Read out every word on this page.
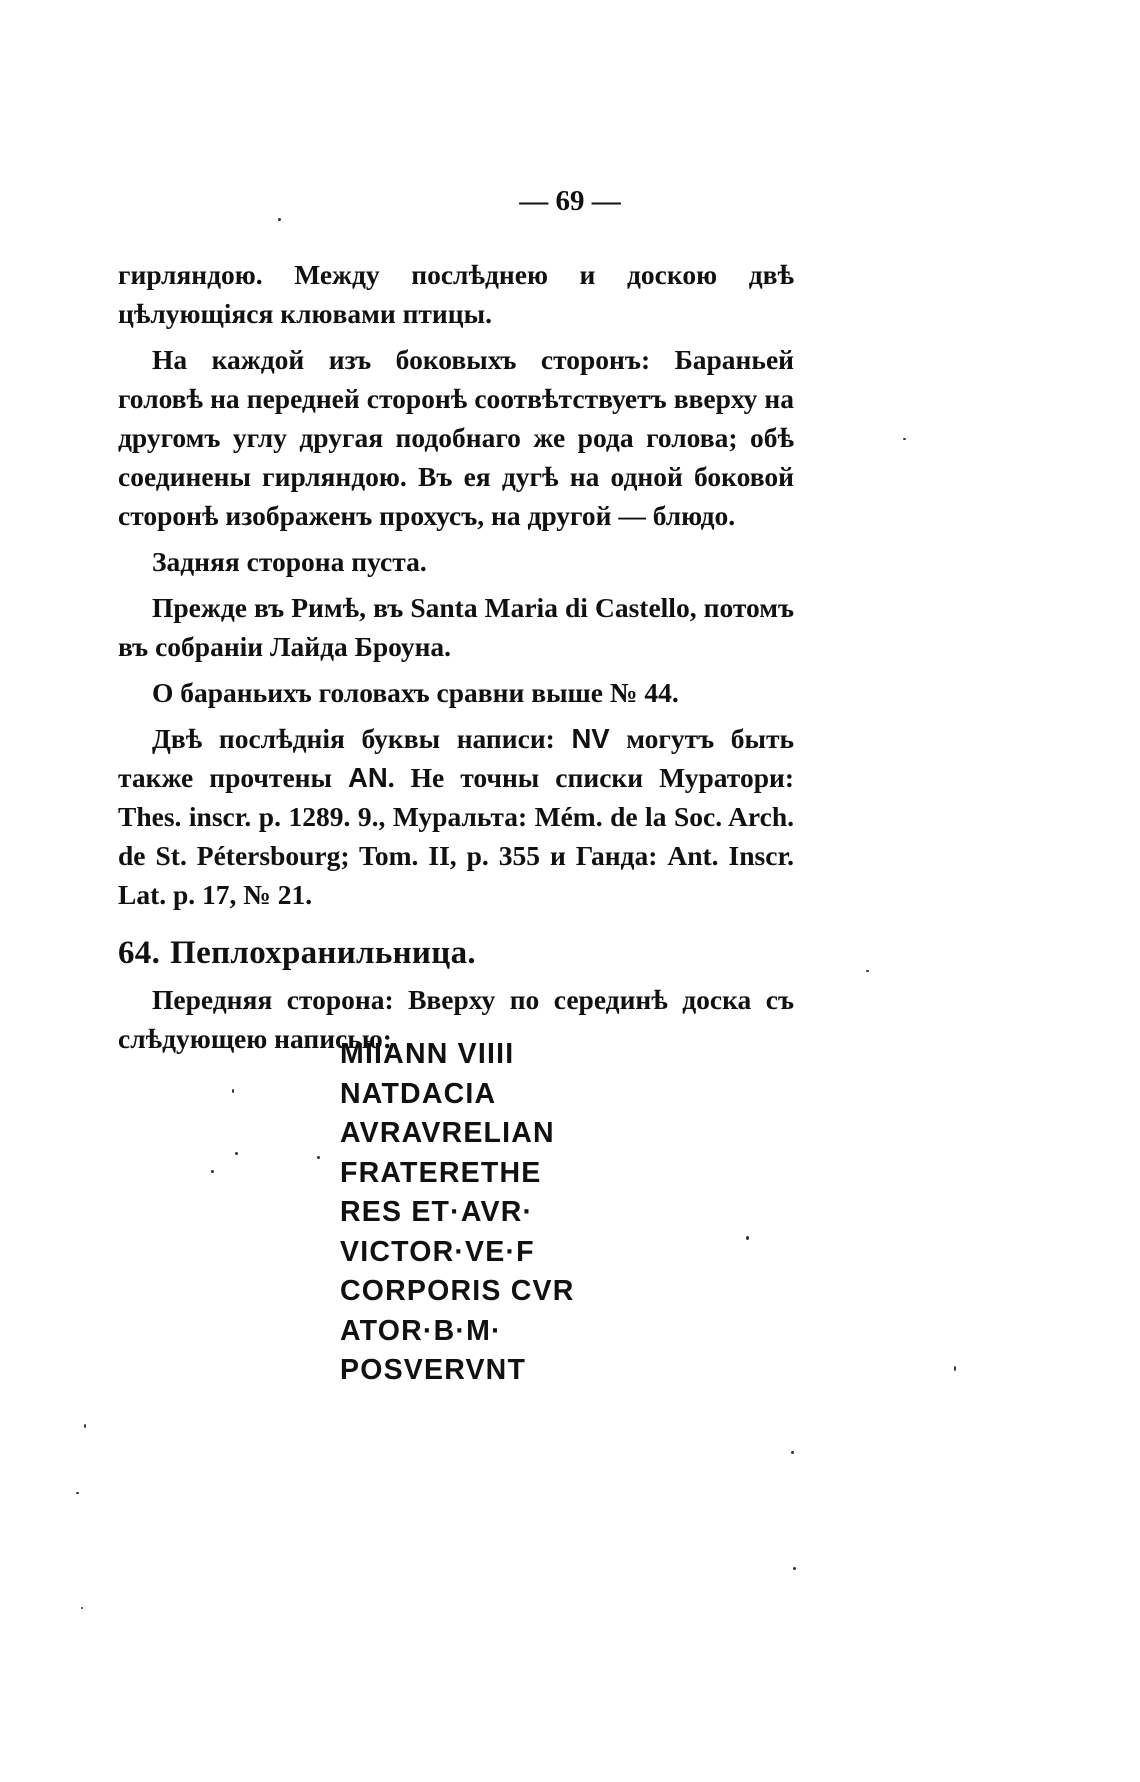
— 69 —

гирляндою. Между послѣднею и доскою двѣ цѣлующіяся клювами птицы.

На каждой изъ боковыхъ сторонъ: Бараньей головѣ на передней сторонѣ соотвѣтствуетъ вверху на другомъ углу другая подобнаго же рода голова; обѣ соединены гирляндою. Въ ея дугѣ на одной боковой сторонѣ изображенъ прохусъ, на другой — блюдо.

Задняя сторона пуста.

Прежде въ Римѣ, въ Santa Maria di Castello, потомъ въ собраніи Лайда Броуна.

О бараньихъ головахъ сравни выше № 44.

Двѣ послѣднія буквы написи: NV могутъ быть также прочтены AN. Не точны списки Муратори: Thes. inscr. p. 1289. 9., Муральта: Mém. de la Soc. Arch. de St. Pétersbourg; Tom. II, p. 355 и Ганда: Ant. Inscr. Lat. p. 17, № 21.

64. Пеплохранильница.

Передняя сторона: Вверху по серединѣ доска съ слѣдующею написью:

MIIANN VIIII
NATDACIA
AVRAVRELIAN
FRATERETHE
RES ET·AVR·
VICTOR·VE·F
CORPORIS CVR
ATOR·B·M·
POSVERVNT
